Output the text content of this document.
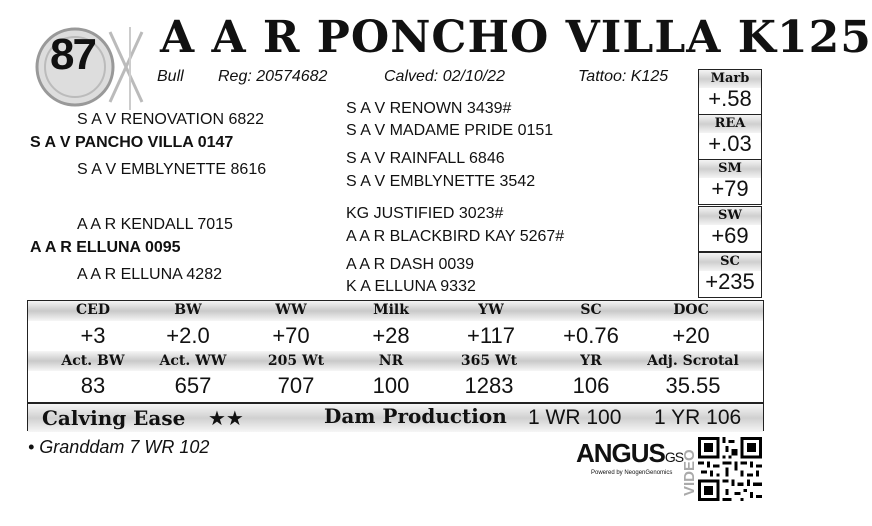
87 A A R PONCHO VILLA K125
Bull Reg: 20574682	Calved: 02/10/22	Tattoo: K125
S A V RENOVATION 6822
S A V PANCHO VILLA 0147
S A V EMBLYNETTE 8616
S A V RENOWN 3439#
S A V MADAME PRIDE 0151
S A V RAINFALL 6846
S A V EMBLYNETTE 3542
A A R KENDALL 7015
A A R ELLUNA 0095
A A R ELLUNA 4282
KG JUSTIFIED 3023#
A A R BLACKBIRD KAY 5267#
A A R DASH 0039
K A ELLUNA 9332
Marb
+.58
REA
+.03
SM
+79
SW
+69
SC
+235
CED	BW	WW	Milk	YW	SC	DOC
+3	+2.0	+70	+28	+117	+0.76	+20
Act. BW	Act. WW	205 Wt	NR	365 Wt	YR	Adj. Scrotal
83	657	707	100	1283	106	35.55
Calving Ease ★★	Dam Production 1 WR 100 1 YR 106
• Granddam 7 WR 102	ANGUSGS
Powered by NeogenGenomics VIDEO
